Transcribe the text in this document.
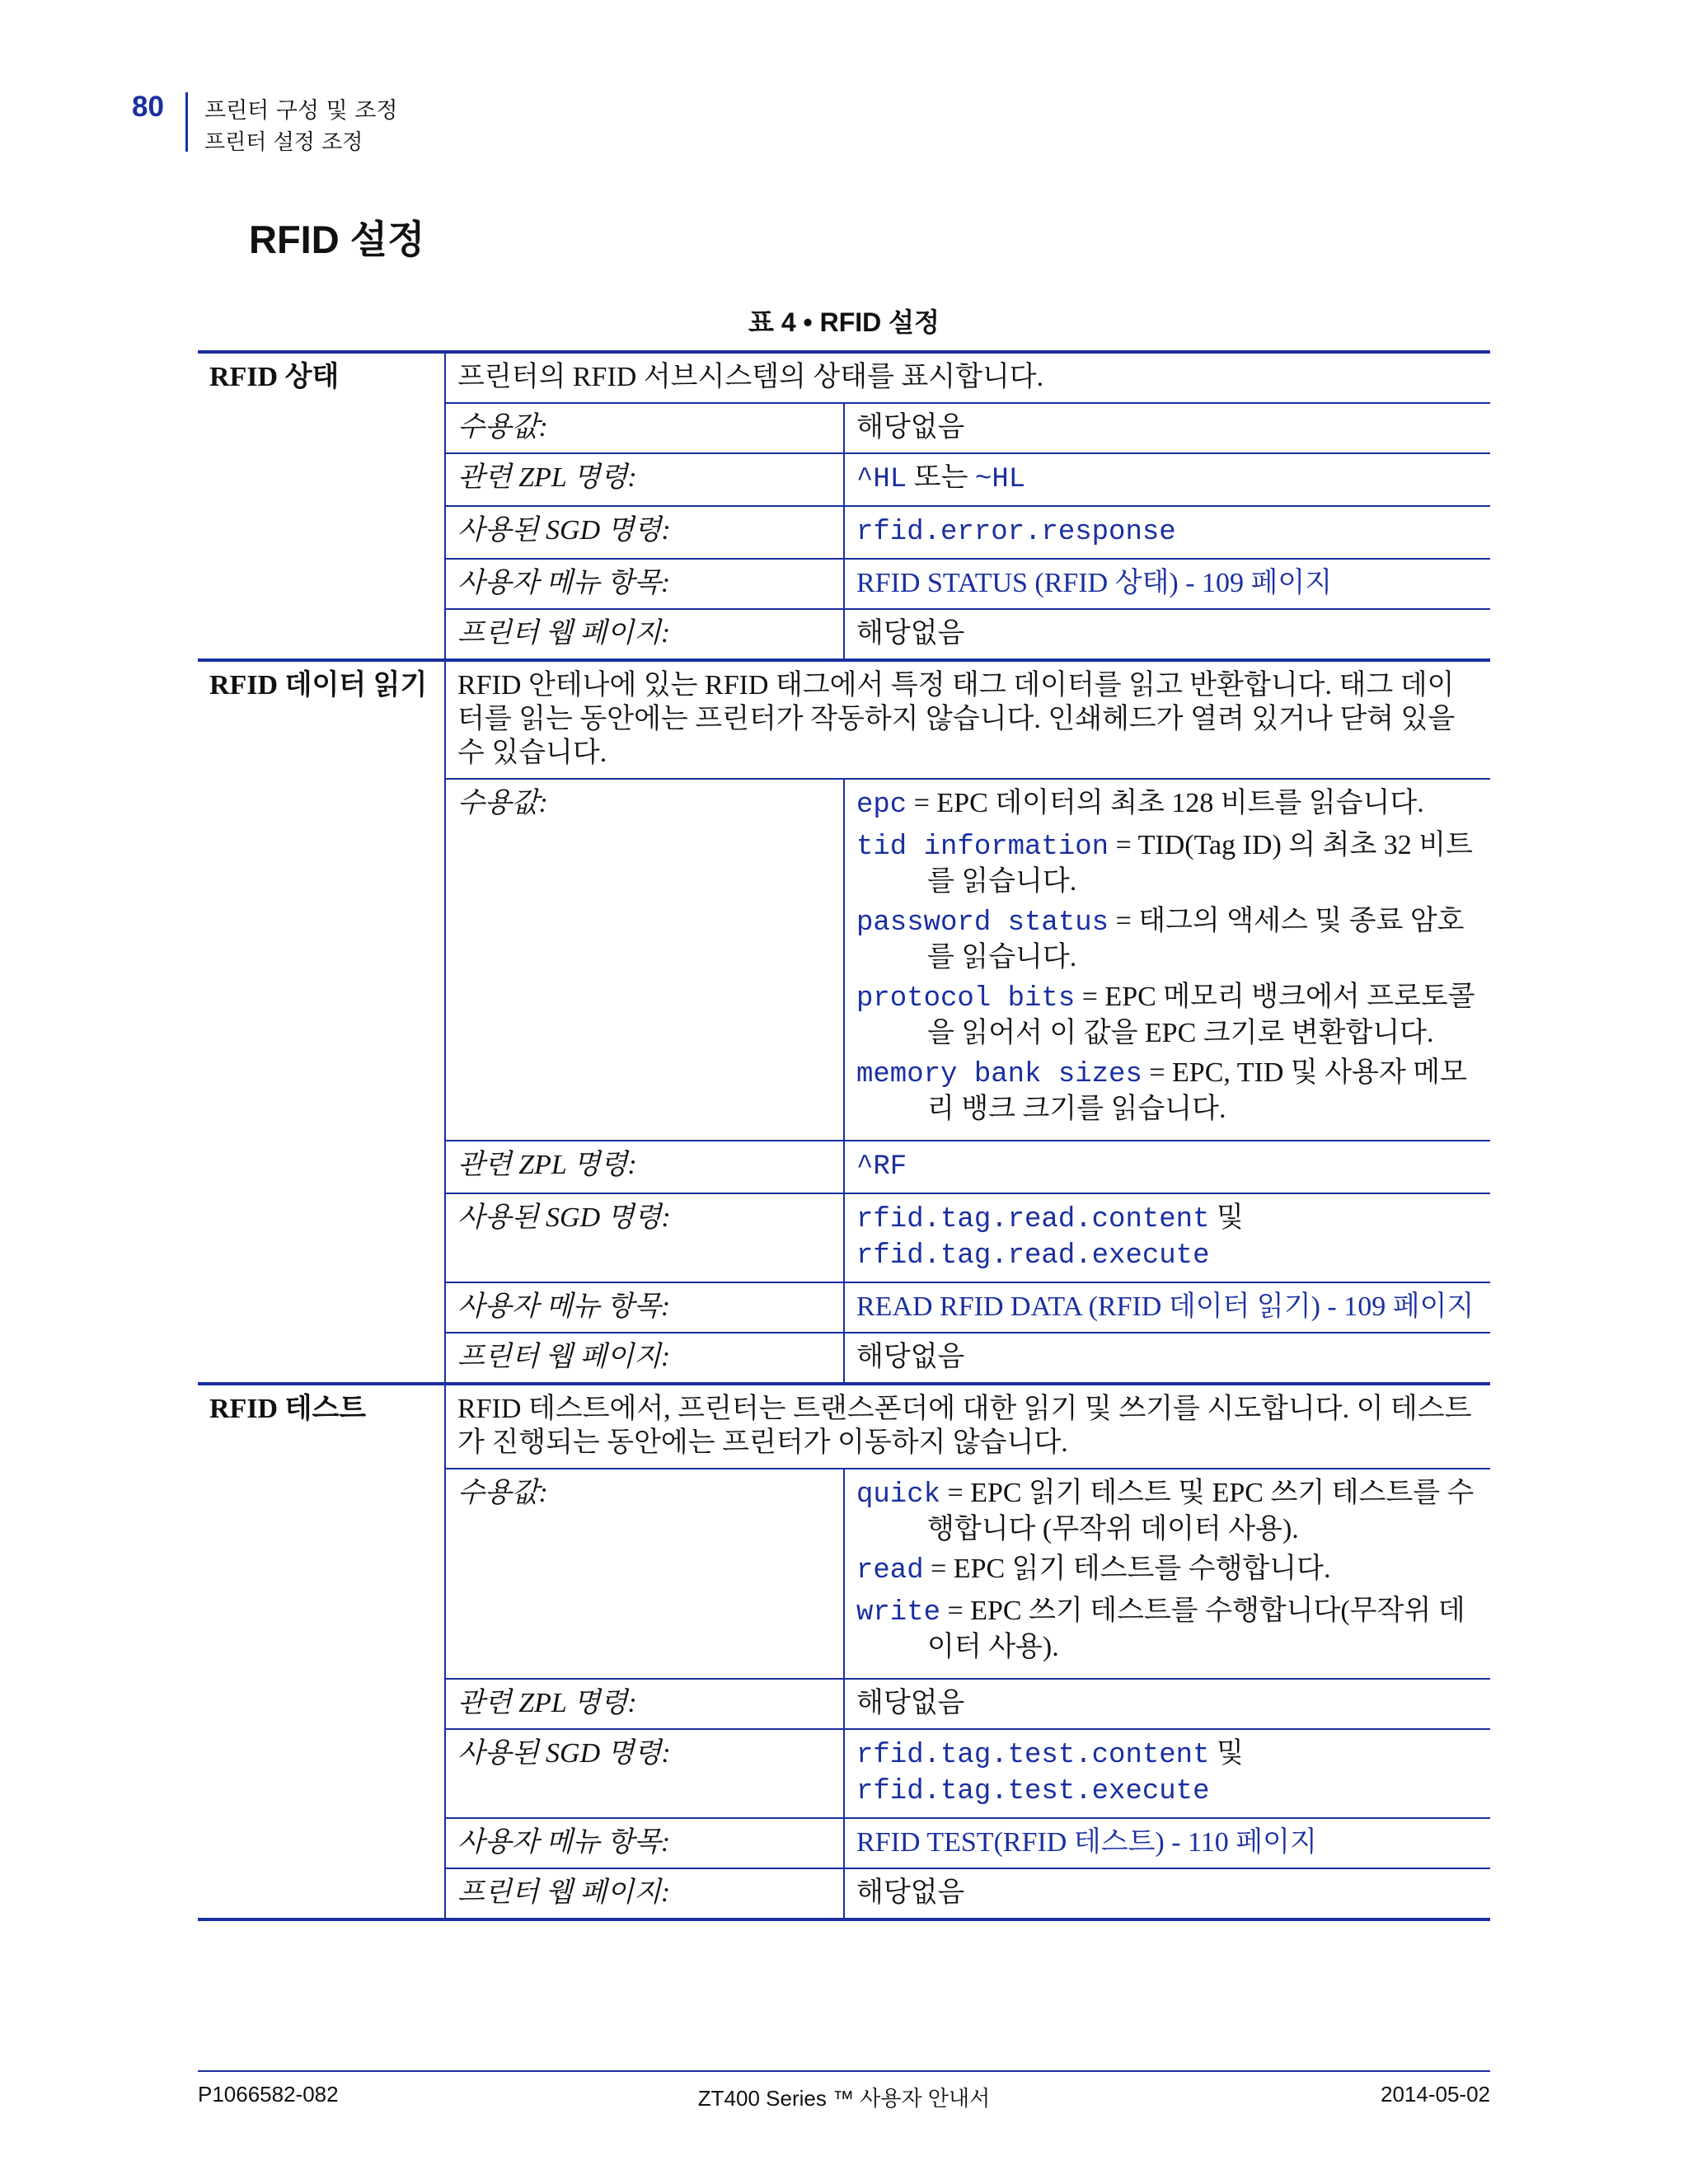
80 프린터 구성 및 조정
프린터 설정 조정
RFID 설정
표 4 • RFID 설정
RFID 상태	프린터의 RFID 서브시스템의 상태를 표시합니다.	
	수용값:	해당없음
	관련 ZPL 명령:	^HL 또는 ~HL
	사용된 SGD 명령:	rfid.error.response
	사용자 메뉴 항목:	RFID STATUS (RFID 상태) - 109 페이지
	프린터 웹 페이지:	해당없음
RFID 데이터 읽기	RFID 안테나에 있는 RFID 태그에서 특정 태그 데이터를 읽고 반환합니다. 태그 데이터를 읽는 동안에는 프린터가 작동하지 않습니다. 인쇄헤드가 열려 있거나 닫혀 있을 수 있습니다.	
	수용값:	epc = EPC 데이터의 최초 128 비트를 읽습니다.
tid information = TID(Tag ID) 의 최초 32 비트를 읽습니다.
password status = 태그의 액세스 및 종료 암호를 읽습니다.
protocol bits = EPC 메모리 뱅크에서 프로토콜을 읽어서 이 값을 EPC 크기로 변환합니다.
memory bank sizes = EPC, TID 및 사용자 메모리 뱅크 크기를 읽습니다.

	관련 ZPL 명령:	^RF
	사용된 SGD 명령:	rfid.tag.read.content 및
rfid.tag.read.execute
	사용자 메뉴 항목:	READ RFID DATA (RFID 데이터 읽기) - 109 페이지
	프린터 웹 페이지:	해당없음
RFID 테스트	RFID 테스트에서, 프린터는 트랜스폰더에 대한 읽기 및 쓰기를 시도합니다. 이 테스트가 진행되는 동안에는 프린터가 이동하지 않습니다.	
	수용값:	quick = EPC 읽기 테스트 및 EPC 쓰기 테스트를 수행합니다 (무작위 데이터 사용).
read = EPC 읽기 테스트를 수행합니다.
write = EPC 쓰기 테스트를 수행합니다(무작위 데이터 사용).

	관련 ZPL 명령:	해당없음
	사용된 SGD 명령:	rfid.tag.test.content 및
rfid.tag.test.execute
	사용자 메뉴 항목:	RFID TEST(RFID 테스트) - 110 페이지
	프린터 웹 페이지:	해당없음
P1066582-082	ZT400 Series ™ 사용자 안내서	2014-05-02
